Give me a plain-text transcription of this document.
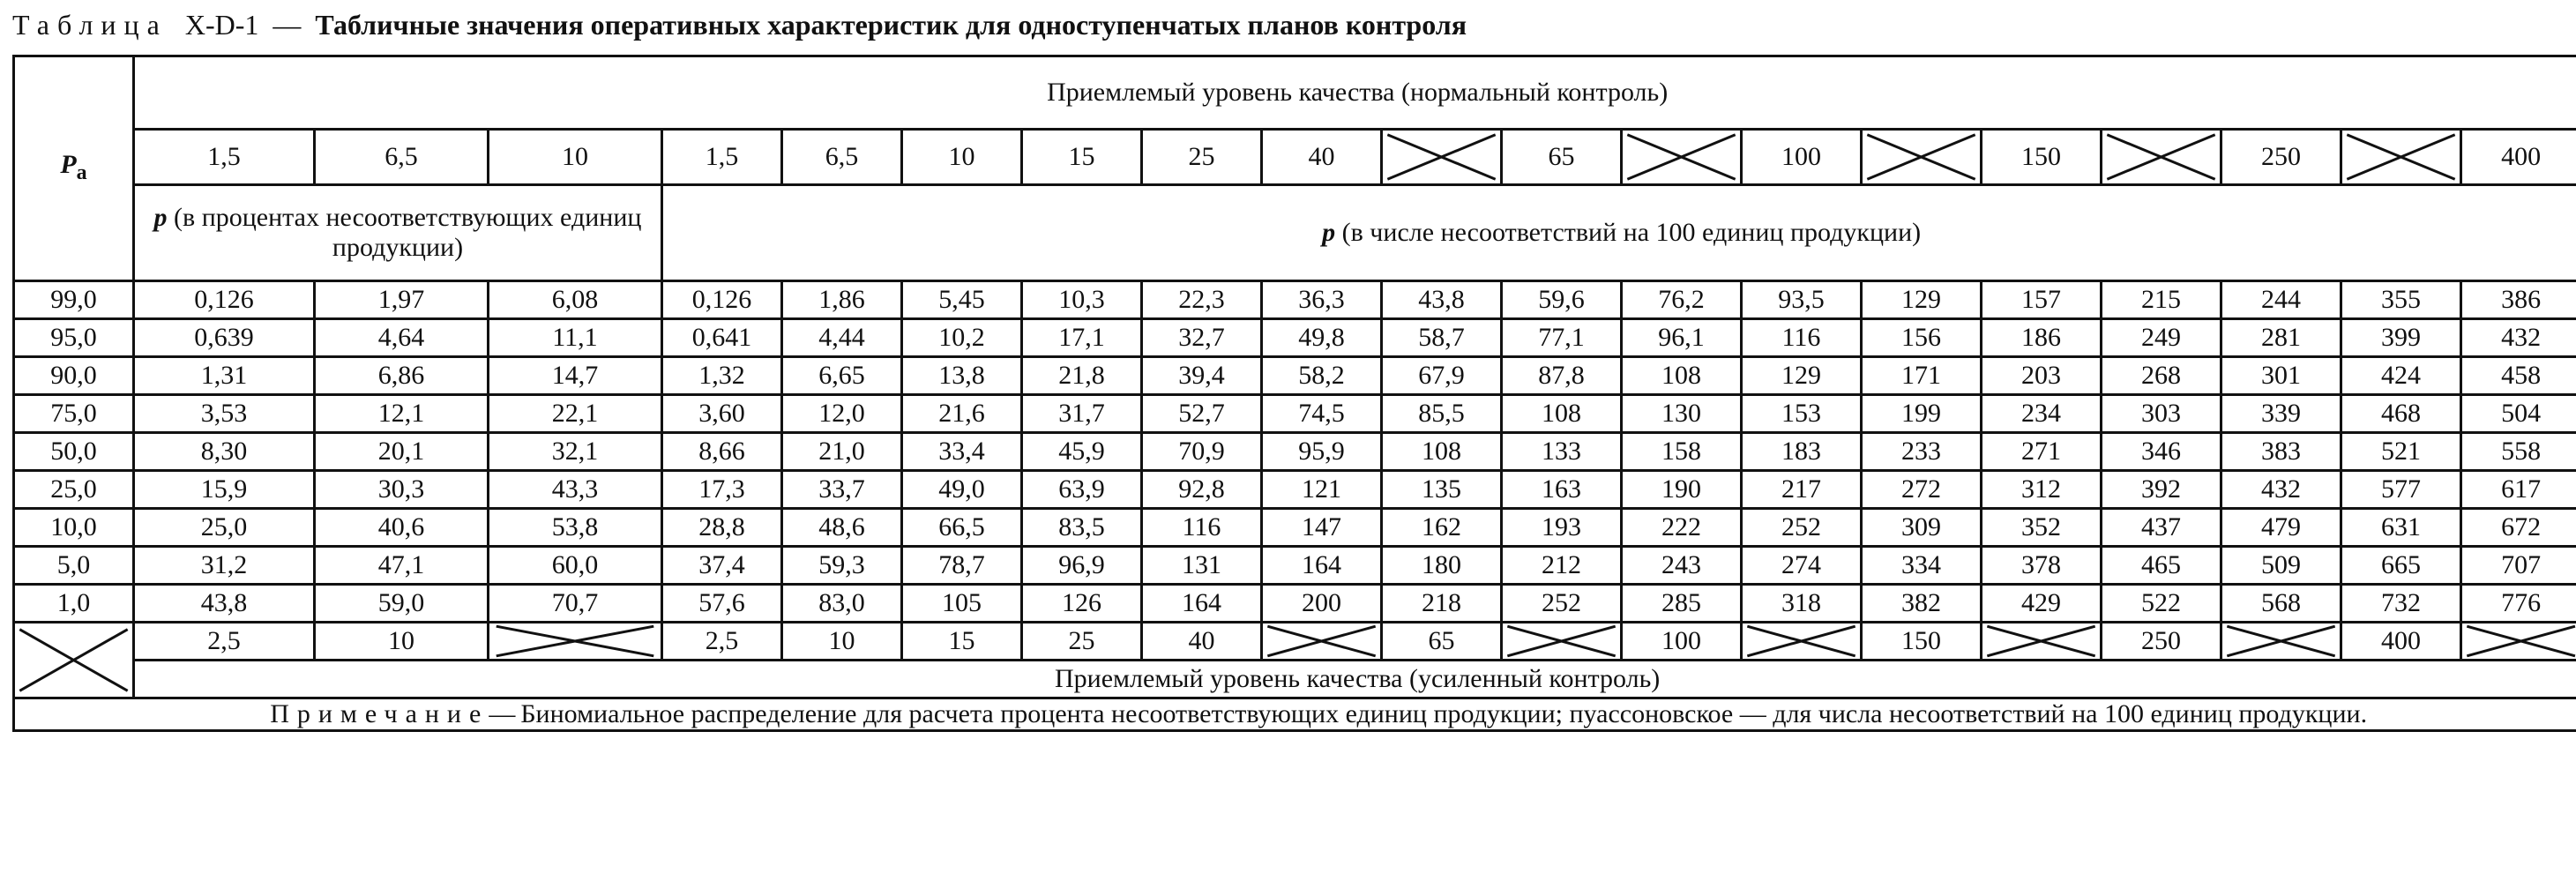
Таблица X-D-1 — Табличные значения оперативных характеристик для одноступенчатых планов контроля
$P_a$	Приемлемый уровень качества (нормальный контроль)																		
	1,5	6,5	10	1,5	6,5	10	15	25	40		65		100		150		250		400
	p (в процентах несоответствующих единиц продукции)			p (в числе несоответствий на 100 единиц продукции)															
99,0	0,126	1,97	6,08	0,126	1,86	5,45	10,3	22,3	36,3	43,8	59,6	76,2	93,5	129	157	215	244	355	386
95,0	0,639	4,64	11,1	0,641	4,44	10,2	17,1	32,7	49,8	58,7	77,1	96,1	116	156	186	249	281	399	432
90,0	1,31	6,86	14,7	1,32	6,65	13,8	21,8	39,4	58,2	67,9	87,8	108	129	171	203	268	301	424	458
75,0	3,53	12,1	22,1	3,60	12,0	21,6	31,7	52,7	74,5	85,5	108	130	153	199	234	303	339	468	504
50,0	8,30	20,1	32,1	8,66	21,0	33,4	45,9	70,9	95,9	108	133	158	183	233	271	346	383	521	558
25,0	15,9	30,3	43,3	17,3	33,7	49,0	63,9	92,8	121	135	163	190	217	272	312	392	432	577	617
10,0	25,0	40,6	53,8	28,8	48,6	66,5	83,5	116	147	162	193	222	252	309	352	437	479	631	672
5,0	31,2	47,1	60,0	37,4	59,3	78,7	96,9	131	164	180	212	243	274	334	378	465	509	665	707
1,0	43,8	59,0	70,7	57,6	83,0	105	126	164	200	218	252	285	318	382	429	522	568	732	776

	2,5	10		2,5	10	15	25	40		65		100		150		250		400	

	Приемлемый уровень качества (усиленный контроль)																		
Примечание— Биномиальное распределение для расчета процента несоответствующих единиц продукции; пуассоновское — для числа несоответствий на 100 единиц продукции.																			
